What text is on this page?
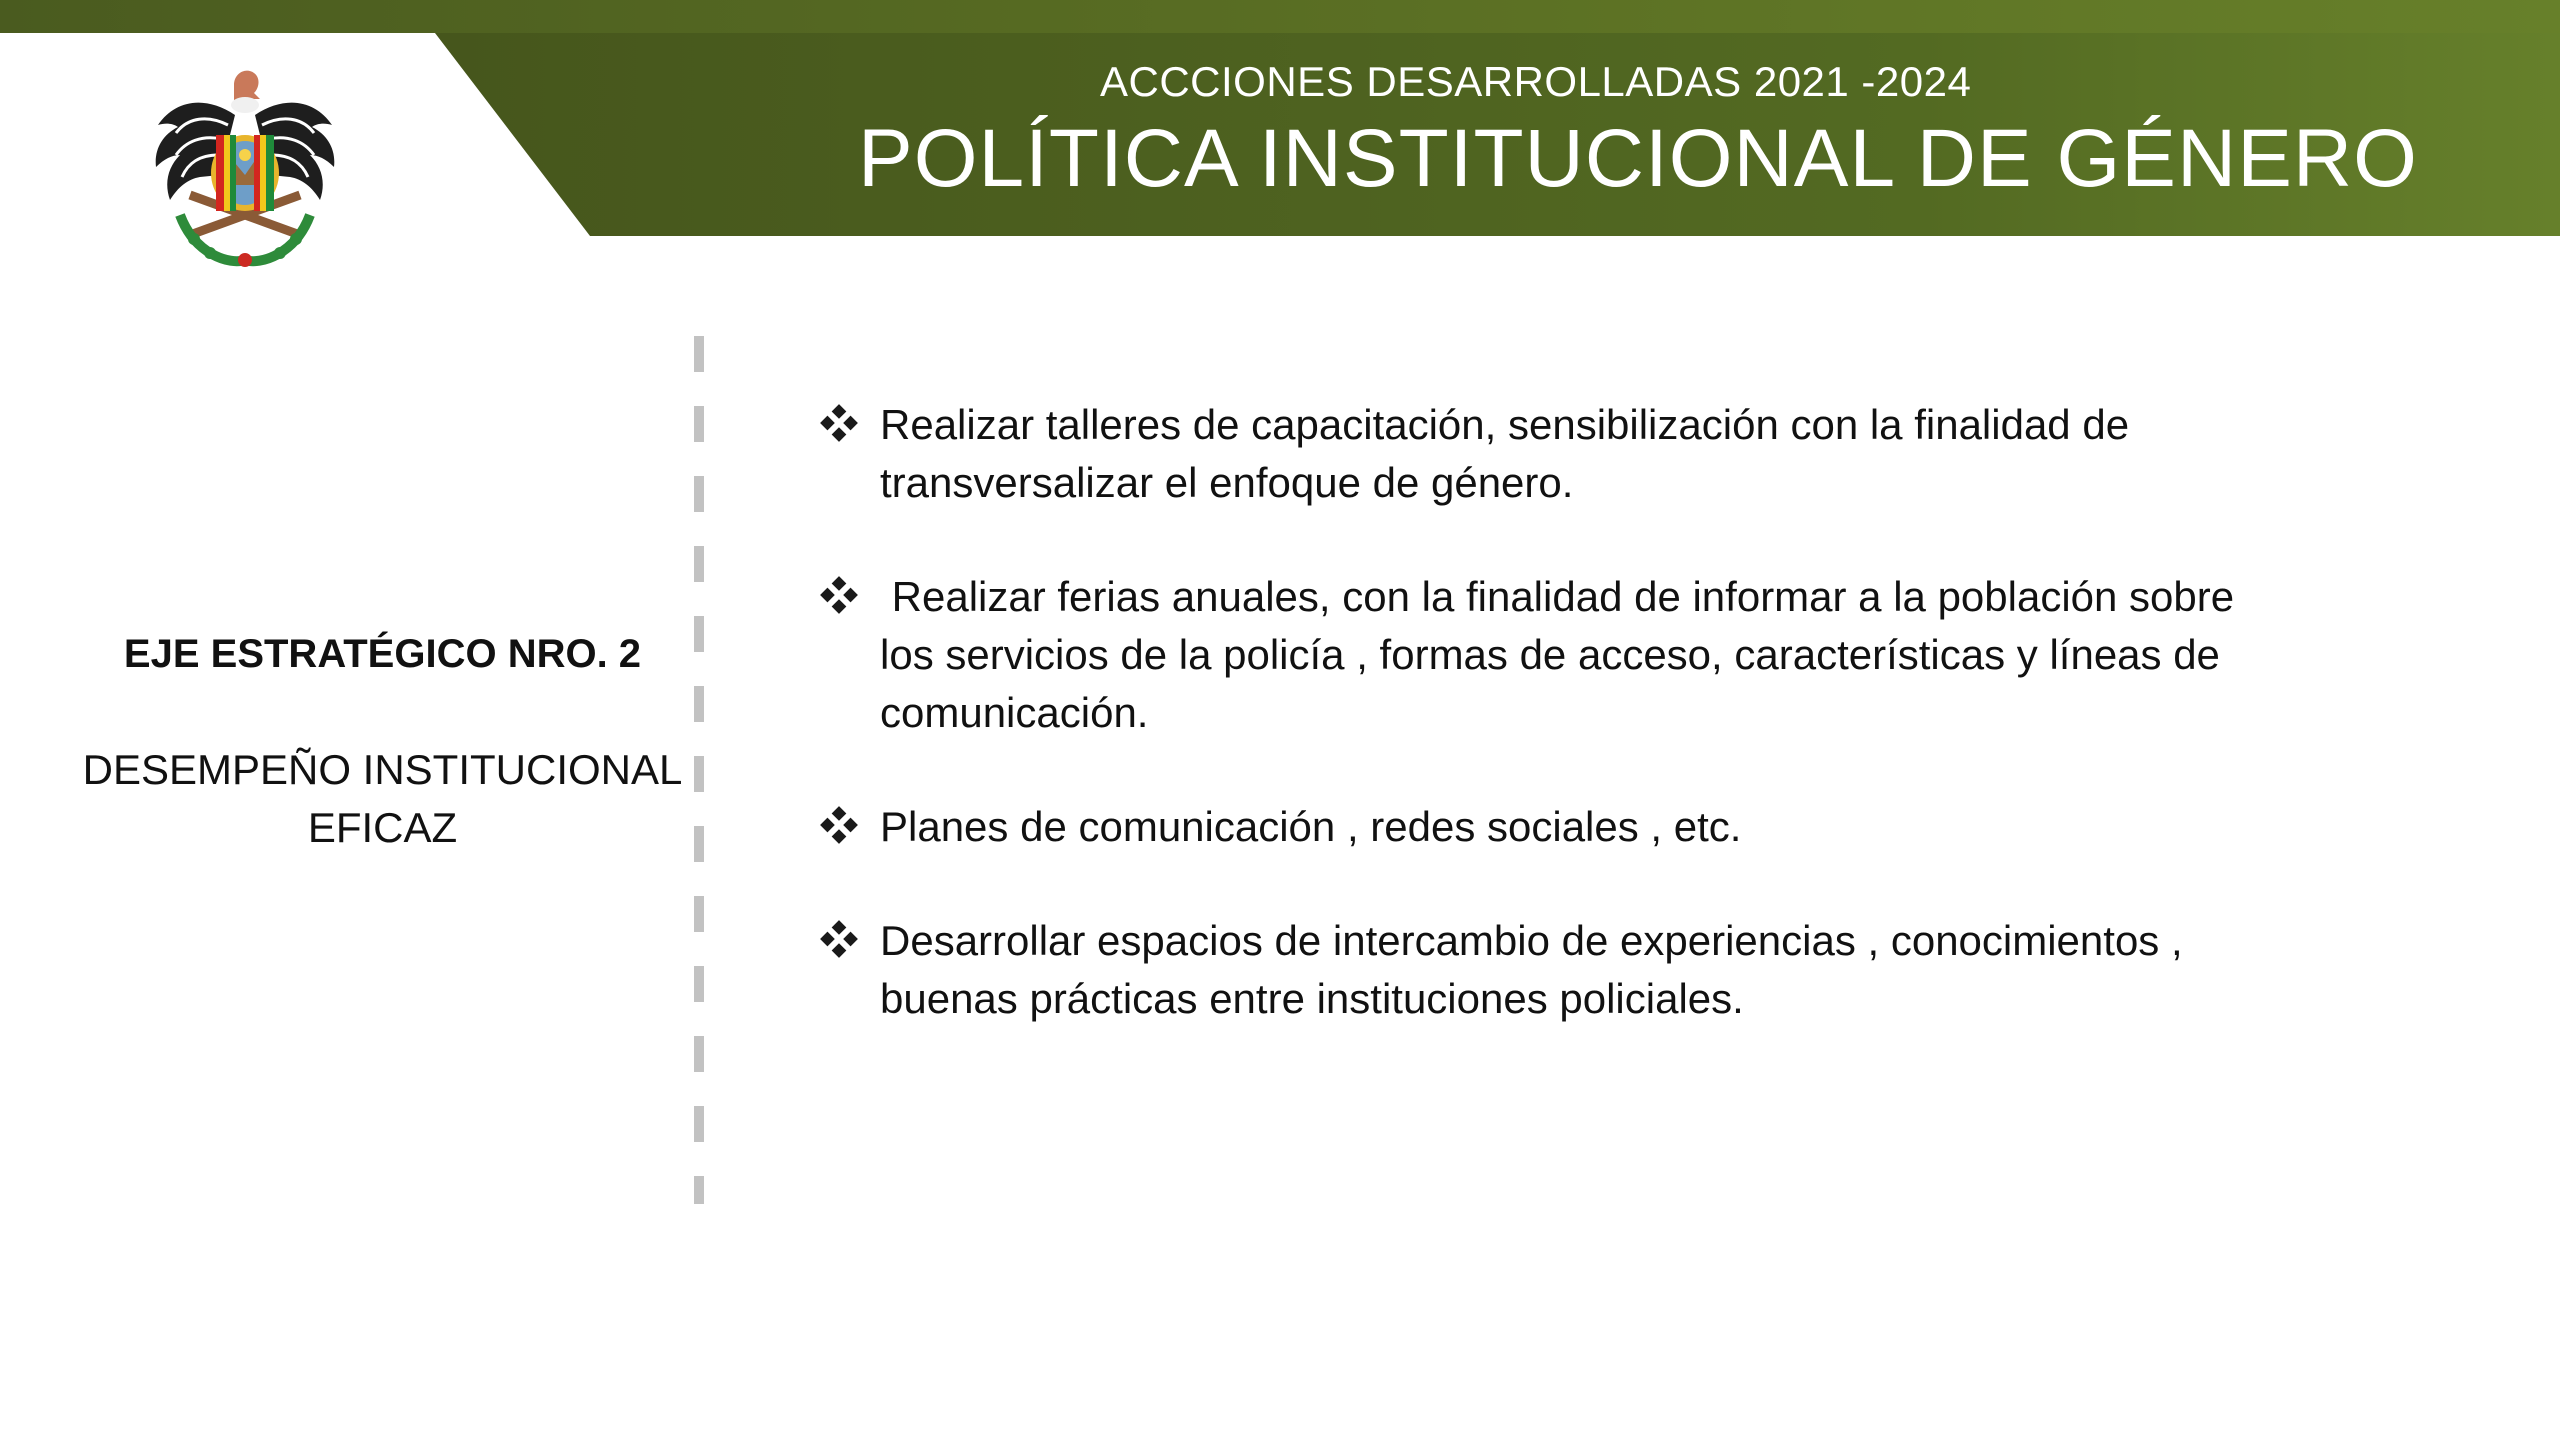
ACCCIONES DESARROLLADAS 2021 -2024
POLÍTICA INSTITUCIONAL DE GÉNERO
EJE ESTRATÉGICO NRO. 2
DESEMPEÑO INSTITUCIONAL
EFICAZ
Realizar talleres de capacitación, sensibilización con la finalidad de
transversalizar el enfoque de género.
Realizar ferias anuales, con la finalidad de informar a la población sobre
los servicios de la policía , formas de acceso, características y líneas de
comunicación.
Planes de comunicación , redes sociales , etc.
Desarrollar espacios de intercambio de experiencias , conocimientos ,
buenas prácticas entre instituciones policiales.
